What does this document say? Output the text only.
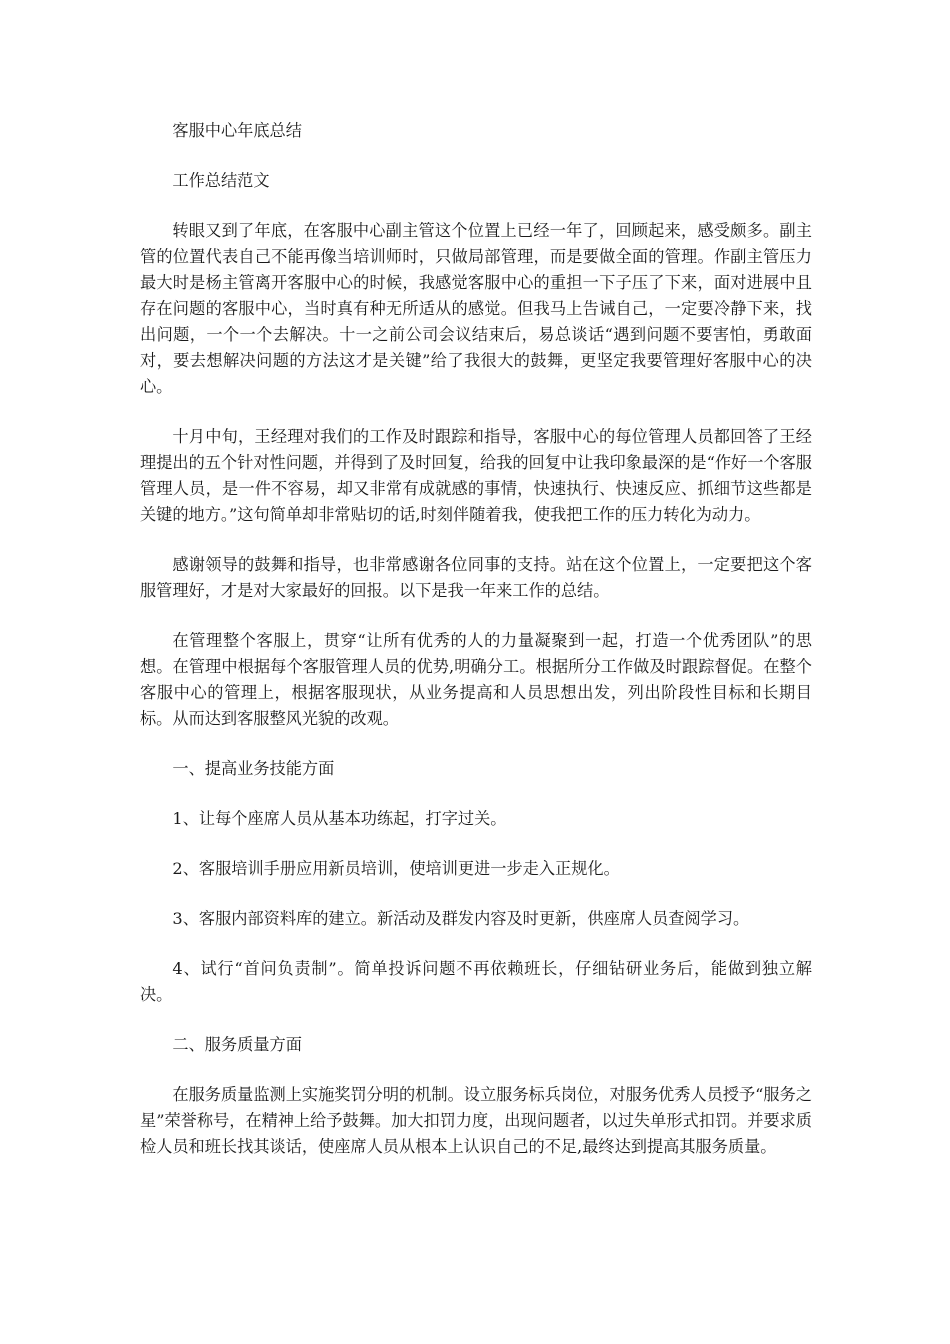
客服中心年底总结

工作总结范文

转眼又到了年底，在客服中心副主管这个位置上已经一年了，回顾起来，感受颇多。副主管的位置代表自己不能再像当培训师时，只做局部管理，而是要做全面的管理。作副主管压力最大时是杨主管离开客服中心的时候，我感觉客服中心的重担一下子压了下来，面对进展中且存在问题的客服中心，当时真有种无所适从的感觉。但我马上告诫自己，一定要冷静下来，找出问题，一个一个去解决。十一之前公司会议结束后，易总谈话“遇到问题不要害怕，勇敢面对，要去想解决问题的方法这才是关键”给了我很大的鼓舞，更坚定我要管理好客服中心的决心。

十月中旬，王经理对我们的工作及时跟踪和指导，客服中心的每位管理人员都回答了王经理提出的五个针对性问题，并得到了及时回复，给我的回复中让我印象最深的是“作好一个客服管理人员，是一件不容易，却又非常有成就感的事情，快速执行、快速反应、抓细节这些都是关键的地方。”这句简单却非常贴切的话,时刻伴随着我，使我把工作的压力转化为动力。

感谢领导的鼓舞和指导，也非常感谢各位同事的支持。站在这个位置上，一定要把这个客服管理好，才是对大家最好的回报。以下是我一年来工作的总结。

在管理整个客服上，贯穿“让所有优秀的人的力量凝聚到一起，打造一个优秀团队”的思想。在管理中根据每个客服管理人员的优势,明确分工。根据所分工作做及时跟踪督促。在整个客服中心的管理上，根据客服现状，从业务提高和人员思想出发，列出阶段性目标和长期目标。从而达到客服整风光貌的改观。

一、提高业务技能方面

1、让每个座席人员从基本功练起，打字过关。

2、客服培训手册应用新员培训，使培训更进一步走入正规化。

3、客服内部资料库的建立。新活动及群发内容及时更新，供座席人员查阅学习。

4、试行“首问负责制”。简单投诉问题不再依赖班长，仔细钻研业务后，能做到独立解决。

二、服务质量方面

在服务质量监测上实施奖罚分明的机制。设立服务标兵岗位，对服务优秀人员授予“服务之星”荣誉称号，在精神上给予鼓舞。加大扣罚力度，出现问题者，以过失单形式扣罚。并要求质检人员和班长找其谈话，使座席人员从根本上认识自己的不足,最终达到提高其服务质量。
